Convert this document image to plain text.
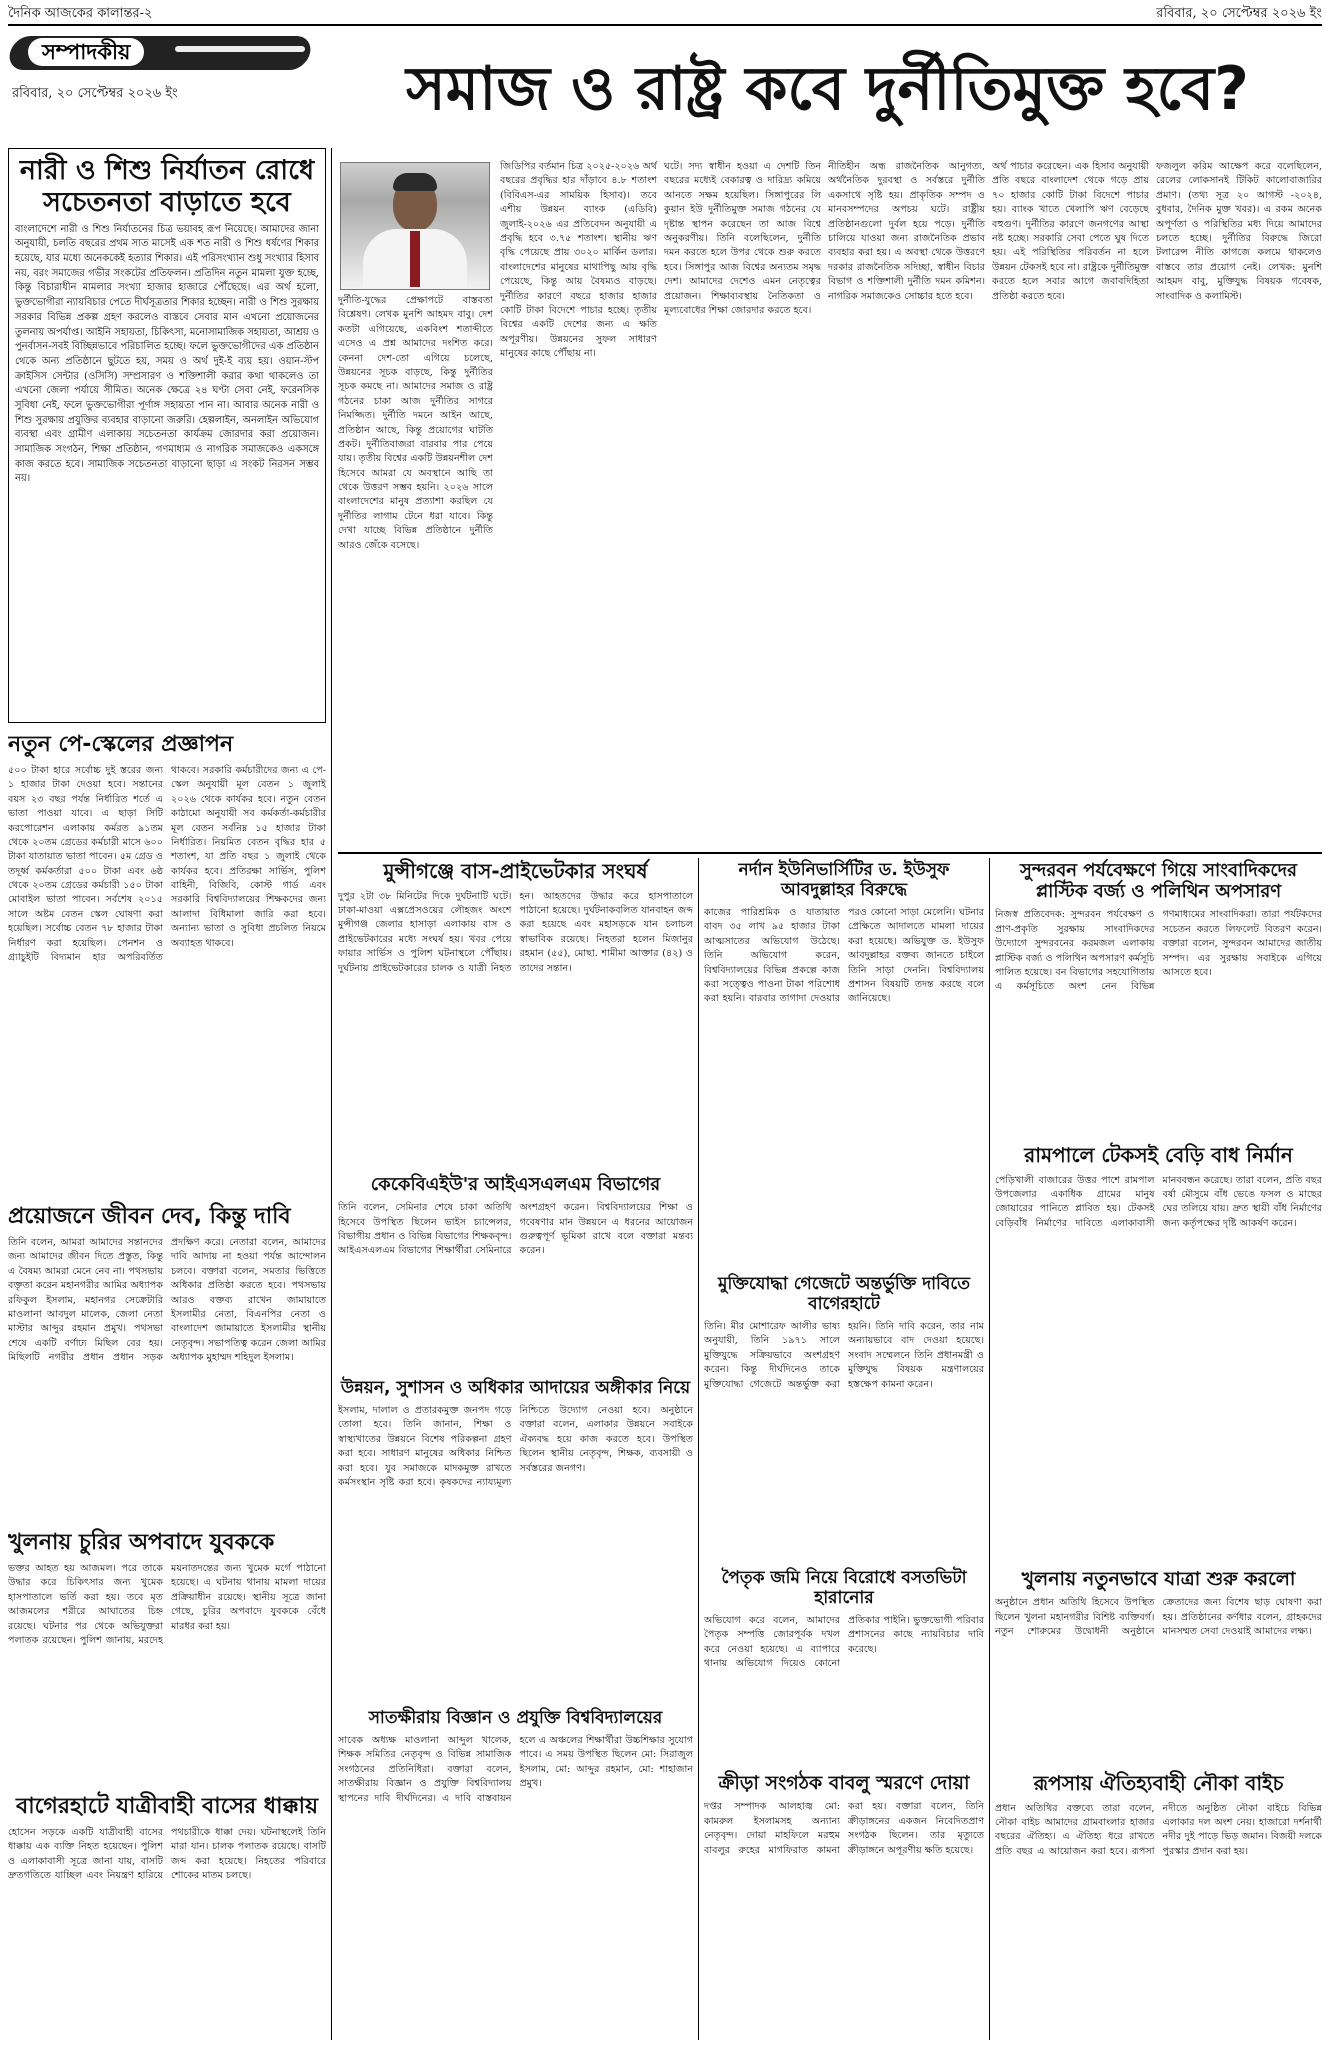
দৈনিক আজকের কালান্তর-২	রবিবার, ২০ সেপ্টেম্বর ২০২৬ ইং
সম্পাদকীয়
রবিবার, ২০ সেপ্টেম্বর ২০২৬ ইং	সমাজ ও রাষ্ট্র কবে দুর্নীতিমুক্ত হবে?
নারী ও শিশু নির্যাতন রোধে সচেতনতা বাড়াতে হবে
বাংলাদেশে নারী ও শিশু নির্যাতনের চিত্র ভয়াবহ রূপ নিয়েছে। আমাদের জানা অনুযায়ী, চলতি বছরের প্রথম সাত মাসেই এক শত নারী ও শিশু ধর্ষণের শিকার হয়েছে, যার মধ্যে অনেককেই হত্যার শিকার। এই পরিসংখ্যান শুধু সংখ্যার হিসাব নয়, বরং সমাজের গভীর সংকটের প্রতিফলন। প্রতিদিন নতুন মামলা যুক্ত হচ্ছে, কিন্তু বিচারাধীন মামলার সংখ্যা হাজার হাজারে পৌঁছেছে। এর অর্থ হলো, ভুক্তভোগীরা ন্যায়বিচার পেতে দীর্ঘসূত্রতার শিকার হচ্ছেন। নারী ও শিশু সুরক্ষায় সরকার বিভিন্ন প্রকল্প গ্রহণ করলেও বাস্তবে সেবার মান এখনো প্রয়োজনের তুলনায় অপর্যাপ্ত। আইনি সহায়তা, চিকিৎসা, মনোসামাজিক সহায়তা, আশ্রয় ও পুনর্বাসন-সবই বিচ্ছিন্নভাবে পরিচালিত হচ্ছে। ফলে ভুক্তভোগীদের এক প্রতিষ্ঠান থেকে অন্য প্রতিষ্ঠানে ছুটতে হয়, সময় ও অর্থ দুই-ই ব্যয় হয়। ওয়ান-স্টপ ক্রাইসিস সেন্টার (ওসিসি) সম্প্রসারণ ও শক্তিশালী করার কথা থাকলেও তা এখনো জেলা পর্যায়ে সীমিত। অনেক ক্ষেত্রে ২৪ ঘণ্টা সেবা নেই, ফরেনসিক সুবিধা নেই, ফলে ভুক্তভোগীরা পূর্ণাঙ্গ সহায়তা পান না। আবার অনেক নারী ও শিশু সুরক্ষায় প্রযুক্তির ব্যবহার বাড়ানো জরুরি। হেল্পলাইন, অনলাইন অভিযোগ ব্যবস্থা এবং গ্রামীণ এলাকায় সচেতনতা কার্যক্রম জোরদার করা প্রয়োজন। সামাজিক সংগঠন, শিক্ষা প্রতিষ্ঠান, গণমাধ্যম ও নাগরিক সমাজকেও একসঙ্গে কাজ করতে হবে। সামাজিক সচেতনতা বাড়ানো ছাড়া এ সংকট নিরসন সম্ভব নয়।
নতুন পে-স্কেলের প্রজ্ঞাপন
৫০০ টাকা হারে সর্বোচ্চ দুই স্তরের জন্য ১ হাজার টাকা দেওয়া হবে। সন্তানের বয়স ২৩ বছর পর্যন্ত নির্ধারিত শর্তে এ ভাতা পাওয়া যাবে। এ ছাড়া সিটি করপোরেশন এলাকায় কর্মরত ৯১তম থেকে ২০তম গ্রেডের কর্মচারী মাসে ৬০০ টাকা যাতায়াত ভাতা পাবেন। ৫ম গ্রেড ও তদূর্ধ্ব কর্মকর্তারা ৫০০ টাকা এবং ৬ষ্ঠ থেকে ২০তম গ্রেডের কর্মচারী ১৫০ টাকা মোবাইল ভাতা পাবেন। সর্বশেষ ২০১৫ সালে অষ্টম বেতন স্কেল ঘোষণা করা হয়েছিল। সর্বোচ্চ বেতন ৭৮ হাজার টাকা নির্ধারণ করা হয়েছিল। পেনশন ও গ্র্যাচুইটি বিদ্যমান হার অপরিবর্তিত থাকবে। সরকারি কর্মচারীদের জন্য এ পে-স্কেল অনুযায়ী মূল বেতন ১ জুলাই ২০২৬ থেকে কার্যকর হবে। নতুন বেতন কাঠামো অনুযায়ী সব কর্মকর্তা-কর্মচারীর মূল বেতন সর্বনিম্ন ১৫ হাজার টাকা নির্ধারিত। নিয়মিত বেতন বৃদ্ধির হার ৫ শতাংশ, যা প্রতি বছর ১ জুলাই থেকে কার্যকর হবে। প্রতিরক্ষা সার্ভিস, পুলিশ বাহিনী, বিজিবি, কোস্ট গার্ড এবং সরকারি বিশ্ববিদ্যালয়ের শিক্ষকদের জন্য আলাদা বিধিমালা জারি করা হবে। অন্যান্য ভাতা ও সুবিধা প্রচলিত নিয়মে অব্যাহত থাকবে।
প্রয়োজনে জীবন দেব, কিন্তু দাবি
তিনি বলেন, আমরা আমাদের সন্তানদের জন্য আমাদের জীবন দিতে প্রস্তুত, কিন্তু এ বৈষম্য আমরা মেনে নেব না। পথসভায় বক্তৃতা করেন মহানগরীর আমির অধ্যাপক রফিকুল ইসলাম, মহানগর সেক্রেটারি মাওলানা আবদুল মালেক, জেলা নেতা মাস্টার আব্দুর রহমান প্রমুখ। পথসভা শেষে একটি বর্ণাঢ্য মিছিল বের হয়। মিছিলটি নগরীর প্রধান প্রধান সড়ক প্রদক্ষিণ করে। নেতারা বলেন, আমাদের দাবি আদায় না হওয়া পর্যন্ত আন্দোলন চলবে। বক্তারা বলেন, সমতার ভিত্তিতে অধিকার প্রতিষ্ঠা করতে হবে। পথসভায় আরও বক্তব্য রাখেন জামায়াতে ইসলামীর নেতা, বিএনপির নেতা ও বাংলাদেশ জামায়াতে ইসলামীর স্থানীয় নেতৃবৃন্দ। সভাপতিত্ব করেন জেলা আমির অধ্যাপক মুহাম্মদ শহিদুল ইসলাম।
খুলনায় চুরির অপবাদে যুবককে
ভক্তর আহত হয় আজমল। পরে তাকে উদ্ধার করে চিকিৎসার জন্য খুমেক হাসপাতালে ভর্তি করা হয়। তবে মৃত আজমলের শরীরে আঘাতের চিহ্ন রয়েছে। ঘটনার পর থেকে অভিযুক্তরা পলাতক রয়েছেন। পুলিশ জানায়, মরদেহ ময়নাতদন্তের জন্য খুমেক মর্গে পাঠানো হয়েছে। এ ঘটনায় থানায় মামলা দায়ের প্রক্রিয়াধীন রয়েছে। স্থানীয় সূত্রে জানা গেছে, চুরির অপবাদে যুবককে বেঁধে মারধর করা হয়।
বাগেরহাটে যাত্রীবাহী বাসের ধাক্কায়
হোসেন সড়কে একটি যাত্রীবাহী বাসের ধাক্কায় এক ব্যক্তি নিহত হয়েছেন। পুলিশ ও এলাকাবাসী সূত্রে জানা যায়, বাসটি দ্রুতগতিতে যাচ্ছিল এবং নিয়ন্ত্রণ হারিয়ে পথচারীকে ধাক্কা দেয়। ঘটনাস্থলেই তিনি মারা যান। চালক পলাতক রয়েছে। বাসটি জব্দ করা হয়েছে। নিহতের পরিবারে শোকের মাতম চলছে।
দুর্নীতি-যুদ্ধের প্রেক্ষাপটে বাস্তবতা বিশ্লেষণ। লেখক মুনশি আহমদ বাবু। দেশ কতটা এগিয়েছে, একবিংশ শতাব্দীতে এসেও এ প্রশ্ন আমাদের দংশিত করে। কেননা দেশ-তো এগিয়ে চলেছে, উন্নয়নের সূচক বাড়ছে, কিন্তু দুর্নীতির সূচক কমছে না। আমাদের সমাজ ও রাষ্ট্র গঠনের চাকা আজ দুর্নীতির সাগরে নিমজ্জিত। দুর্নীতি দমনে আইন আছে, প্রতিষ্ঠান আছে, কিন্তু প্রয়োগের ঘাটতি প্রকট। দুর্নীতিবাজরা বারবার পার পেয়ে যায়। তৃতীয় বিশ্বের একটি উন্নয়নশীল দেশ হিসেবে আমরা যে অবস্থানে আছি তা থেকে উত্তরণ সম্ভব হয়নি। ২০২৬ সালে বাংলাদেশের মানুষ প্রত্যাশা করছিল যে দুর্নীতির লাগাম টেনে ধরা যাবে। কিন্তু দেখা যাচ্ছে বিভিন্ন প্রতিষ্ঠানে দুর্নীতি আরও জেঁকে বসেছে।
জিডিপির বর্তমান চিত্র ২০২৫-২০২৬ অর্থ বছরের প্রবৃদ্ধির হার দাঁড়াবে ৪.৮ শতাংশ (বিবিএস-এর সাময়িক হিসাব)। তবে এশীয় উন্নয়ন ব্যাংক (এডিবি) জুলাই-২০২৬ এর প্রতিবেদন অনুযায়ী এ প্রবৃদ্ধি হবে ৩.৭৫ শতাংশ। স্থানীয় ঋণ বৃদ্ধি পেয়েছে প্রায় ৩০২০ মার্কিন ডলার। বাংলাদেশের মানুষের মাথাপিছু আয় বৃদ্ধি পেয়েছে, কিন্তু আয় বৈষম্যও বাড়ছে। দুর্নীতির কারণে বছরে হাজার হাজার কোটি টাকা বিদেশে পাচার হচ্ছে। তৃতীয় বিশ্বের একটি দেশের জন্য এ ক্ষতি অপূরণীয়। উন্নয়নের সুফল সাধারণ মানুষের কাছে পৌঁছায় না।
ঘটে। সদ্য স্বাধীন হওয়া এ দেশটি তিন বছরের মধ্যেই বেকারত্ব ও দারিদ্র্য কমিয়ে আনতে সক্ষম হয়েছিল। সিঙ্গাপুরের লি কুয়ান ইউ দুর্নীতিমুক্ত সমাজ গঠনের যে দৃষ্টান্ত স্থাপন করেছেন তা আজ বিশ্বে অনুকরণীয়। তিনি বলেছিলেন, দুর্নীতি দমন করতে হলে উপর থেকে শুরু করতে হবে। সিঙ্গাপুর আজ বিশ্বের অন্যতম সমৃদ্ধ দেশ। আমাদের দেশেও এমন নেতৃত্বের প্রয়োজন। শিক্ষাব্যবস্থায় নৈতিকতা ও মূল্যবোধের শিক্ষা জোরদার করতে হবে।
নীতিহীন অন্ধ রাজনৈতিক আনুগত্য, অর্থনৈতিক দুরবস্থা ও সর্বস্তরে দুর্নীতি একসাথে সৃষ্টি হয়। প্রাকৃতিক সম্পদ ও মানবসম্পদের অপচয় ঘটে। রাষ্ট্রীয় প্রতিষ্ঠানগুলো দুর্বল হয়ে পড়ে। দুর্নীতি চালিয়ে যাওয়া জন্য রাজনৈতিক প্রভাব ব্যবহার করা হয়। এ অবস্থা থেকে উত্তরণে দরকার রাজনৈতিক সদিচ্ছা, স্বাধীন বিচার বিভাগ ও শক্তিশালী দুর্নীতি দমন কমিশন। নাগরিক সমাজকেও সোচ্চার হতে হবে।
অর্থ পাচার করেছেন। এক হিসাব অনুযায়ী প্রতি বছরে বাংলাদেশ থেকে গড়ে প্রায় ৭০ হাজার কোটি টাকা বিদেশে পাচার হয়। ব্যাংক খাতে খেলাপি ঋণ বেড়েছে বহুগুণ। দুর্নীতির কারণে জনগণের আস্থা নষ্ট হচ্ছে। সরকারি সেবা পেতে ঘুষ দিতে হয়। এই পরিস্থিতির পরিবর্তন না হলে উন্নয়ন টেকসই হবে না। রাষ্ট্রকে দুর্নীতিমুক্ত করতে হলে সবার আগে জবাবদিহিতা প্রতিষ্ঠা করতে হবে।
ফজলুল করিম আক্ষেপ করে বলেছিলেন, রেলের লোকসানই টিকিট কালোবাজারির প্রমাণ। (তথ্য সূত্র ২০ আগস্ট -২০২৪, বুধবার, দৈনিক মুক্ত খবর)। এ রকম অনেক অপূর্ণতা ও পরিস্থিতির মধ্য দিয়ে আমাদের চলতে হচ্ছে। দুর্নীতির বিরুদ্ধে জিরো টলারেন্স নীতি কাগজে কলমে থাকলেও বাস্তবে তার প্রয়োগ নেই। লেখক: মুনশি আহমদ বাবু, মুক্তিযুদ্ধ বিষয়ক গবেষক, সাংবাদিক ও কলামিস্ট।
মুন্সীগঞ্জে বাস-প্রাইভেটকার সংঘর্ষ
দুপুর ২টা ৩৮ মিনিটের দিকে দুর্ঘটনাটি ঘটে। ঢাকা-মাওয়া এক্সপ্রেসওয়ের লৌহজং অংশে মুন্সীগঞ্জ জেলার হাসাড়া এলাকায় বাস ও প্রাইভেটকারের মধ্যে সংঘর্ষ হয়। খবর পেয়ে ফায়ার সার্ভিস ও পুলিশ ঘটনাস্থলে পৌঁছায়। দুর্ঘটনায় প্রাইভেটকারের চালক ও যাত্রী নিহত হন। আহতদের উদ্ধার করে হাসপাতালে পাঠানো হয়েছে। দুর্ঘটনাকবলিত যানবাহন জব্দ করা হয়েছে এবং মহাসড়কে যান চলাচল স্বাভাবিক রয়েছে। নিহতরা হলেন মিজানুর রহমান (৫৫), মোছা. শামীমা আক্তার (৪২) ও তাদের সন্তান।
কেকেবিএইউ'র আইএসএলএম বিভাগের
তিনি বলেন, সেমিনার শেষে চাকা অতিথি হিসেবে উপস্থিত ছিলেন ভাইস চ্যান্সেলর, বিভাগীয় প্রধান ও বিভিন্ন বিভাগের শিক্ষকবৃন্দ। আইএসএলএম বিভাগের শিক্ষার্থীরা সেমিনারে অংশগ্রহণ করেন। বিশ্ববিদ্যালয়ের শিক্ষা ও গবেষণার মান উন্নয়নে এ ধরনের আয়োজন গুরুত্বপূর্ণ ভূমিকা রাখে বলে বক্তারা মন্তব্য করেন।
উন্নয়ন, সুশাসন ও অধিকার আদায়ের অঙ্গীকার নিয়ে
ইসলাম, দালাল ও প্রতারকমুক্ত জনপদ গড়ে তোলা হবে। তিনি জানান, শিক্ষা ও স্বাস্থ্যখাতের উন্নয়নে বিশেষ পরিকল্পনা গ্রহণ করা হবে। সাধারণ মানুষের অধিকার নিশ্চিত করা হবে। যুব সমাজকে মাদকমুক্ত রাখতে কর্মসংস্থান সৃষ্টি করা হবে। কৃষকদের ন্যায্যমূল্য নিশ্চিতে উদ্যোগ নেওয়া হবে। অনুষ্ঠানে বক্তারা বলেন, এলাকার উন্নয়নে সবাইকে ঐক্যবদ্ধ হয়ে কাজ করতে হবে। উপস্থিত ছিলেন স্থানীয় নেতৃবৃন্দ, শিক্ষক, ব্যবসায়ী ও সর্বস্তরের জনগণ।
সাতক্ষীরায় বিজ্ঞান ও প্রযুক্তি বিশ্ববিদ্যালয়ের
সাবেক অধ্যক্ষ মাওলানা আব্দুল খালেক, শিক্ষক সমিতির নেতৃবৃন্দ ও বিভিন্ন সামাজিক সংগঠনের প্রতিনিধিরা। বক্তারা বলেন, সাতক্ষীরায় বিজ্ঞান ও প্রযুক্তি বিশ্ববিদ্যালয় স্থাপনের দাবি দীর্ঘদিনের। এ দাবি বাস্তবায়ন হলে এ অঞ্চলের শিক্ষার্থীরা উচ্চশিক্ষার সুযোগ পাবে। এ সময় উপস্থিত ছিলেন মো: সিরাজুল ইসলাম, মো: আব্দুর রহমান, মো: শাহাজান প্রমুখ।
নর্দান ইউনিভার্সিটির ড. ইউসুফ আবদুল্লাহর বিরুদ্ধে
কাজের পারিশ্রমিক ও যাতায়াত বাবদ ৩৫ লাখ ৯৫ হাজার টাকা আত্মসাতের অভিযোগ উঠেছে। তিনি অভিযোগ করেন, বিশ্ববিদ্যালয়ের বিভিন্ন প্রকল্পে কাজ করা সত্ত্বেও পাওনা টাকা পরিশোধ করা হয়নি। বারবার তাগাদা দেওয়ার পরও কোনো সাড়া মেলেনি। ঘটনার প্রেক্ষিতে আদালতে মামলা দায়ের করা হয়েছে। অভিযুক্ত ড. ইউসুফ আবদুল্লাহর বক্তব্য জানতে চাইলে তিনি সাড়া দেননি। বিশ্ববিদ্যালয় প্রশাসন বিষয়টি তদন্ত করছে বলে জানিয়েছে।
মুক্তিযোদ্ধা গেজেটে অন্তর্ভুক্তি দাবিতে বাগেরহাটে
তিনি। মীর মোশারেফ আলীর ভাষ্য অনুযায়ী, তিনি ১৯৭১ সালে মুক্তিযুদ্ধে সক্রিয়ভাবে অংশগ্রহণ করেন। কিন্তু দীর্ঘদিনেও তাকে মুক্তিযোদ্ধা গেজেটে অন্তর্ভুক্ত করা হয়নি। তিনি দাবি করেন, তার নাম অন্যায়ভাবে বাদ দেওয়া হয়েছে। সংবাদ সম্মেলনে তিনি প্রধানমন্ত্রী ও মুক্তিযুদ্ধ বিষয়ক মন্ত্রণালয়ের হস্তক্ষেপ কামনা করেন।
পৈতৃক জমি নিয়ে বিরোধে বসতভিটা হারানোর
অভিযোগ করে বলেন, আমাদের পৈতৃক সম্পত্তি জোরপূর্বক দখল করে নেওয়া হয়েছে। এ ব্যাপারে থানায় অভিযোগ দিয়েও কোনো প্রতিকার পাইনি। ভুক্তভোগী পরিবার প্রশাসনের কাছে ন্যায়বিচার দাবি করেছে।
ক্রীড়া সংগঠক বাবলু স্মরণে দোয়া
দপ্তর সম্পাদক আলহাজ্ব মো: কামরুল ইসলামসহ অন্যান্য নেতৃবৃন্দ। দোয়া মাহফিলে মরহুম বাবলুর রুহের মাগফিরাত কামনা করা হয়। বক্তারা বলেন, তিনি ক্রীড়াঙ্গনের একজন নিবেদিতপ্রাণ সংগঠক ছিলেন। তার মৃত্যুতে ক্রীড়াঙ্গনে অপূরণীয় ক্ষতি হয়েছে।
সুন্দরবন পর্যবেক্ষণে গিয়ে সাংবাদিকদের প্লাস্টিক বর্জ্য ও পলিথিন অপসারণ
নিজস্ব প্রতিবেদক: সুন্দরবন পর্যবেক্ষণ ও প্রাণ-প্রকৃতি সুরক্ষায় সাংবাদিকদের উদ্যোগে সুন্দরবনের করমজল এলাকায় প্লাস্টিক বর্জ্য ও পলিথিন অপসারণ কর্মসূচি পালিত হয়েছে। বন বিভাগের সহযোগিতায় এ কর্মসূচিতে অংশ নেন বিভিন্ন গণমাধ্যমের সাংবাদিকরা। তারা পর্যটকদের সচেতন করতে লিফলেট বিতরণ করেন। বক্তারা বলেন, সুন্দরবন আমাদের জাতীয় সম্পদ। এর সুরক্ষায় সবাইকে এগিয়ে আসতে হবে।
রামপালে টেকসই বেড়ি বাধ নির্মান
পেড়িখালী বাজারের উত্তর পাশে রামপাল উপজেলার একাধিক গ্রামের মানুষ জোয়ারের পানিতে প্লাবিত হয়। টেকসই বেড়িবাঁধ নির্মাণের দাবিতে এলাকাবাসী মানববন্ধন করেছে। তারা বলেন, প্রতি বছর বর্ষা মৌসুমে বাঁধ ভেঙে ফসল ও মাছের ঘের তলিয়ে যায়। দ্রুত স্থায়ী বাঁধ নির্মাণের জন্য কর্তৃপক্ষের দৃষ্টি আকর্ষণ করেন।
খুলনায় নতুনভাবে যাত্রা শুরু করলো
অনুষ্ঠানে প্রধান অতিথি হিসেবে উপস্থিত ছিলেন খুলনা মহানগরীর বিশিষ্ট ব্যক্তিবর্গ। নতুন শোরুমের উদ্বোধনী অনুষ্ঠানে ক্রেতাদের জন্য বিশেষ ছাড় ঘোষণা করা হয়। প্রতিষ্ঠানের কর্ণধার বলেন, গ্রাহকদের মানসম্মত সেবা দেওয়াই আমাদের লক্ষ্য।
রূপসায় ঐতিহ্যবাহী নৌকা বাইচ
প্রধান অতিথির বক্তব্যে তারা বলেন, নৌকা বাইচ আমাদের গ্রামবাংলার হাজার বছরের ঐতিহ্য। এ ঐতিহ্য ধরে রাখতে প্রতি বছর এ আয়োজন করা হবে। রূপসা নদীতে অনুষ্ঠিত নৌকা বাইচে বিভিন্ন এলাকার দল অংশ নেয়। হাজারো দর্শনার্থী নদীর দুই পাড়ে ভিড় জমান। বিজয়ী দলকে পুরস্কার প্রদান করা হয়।
